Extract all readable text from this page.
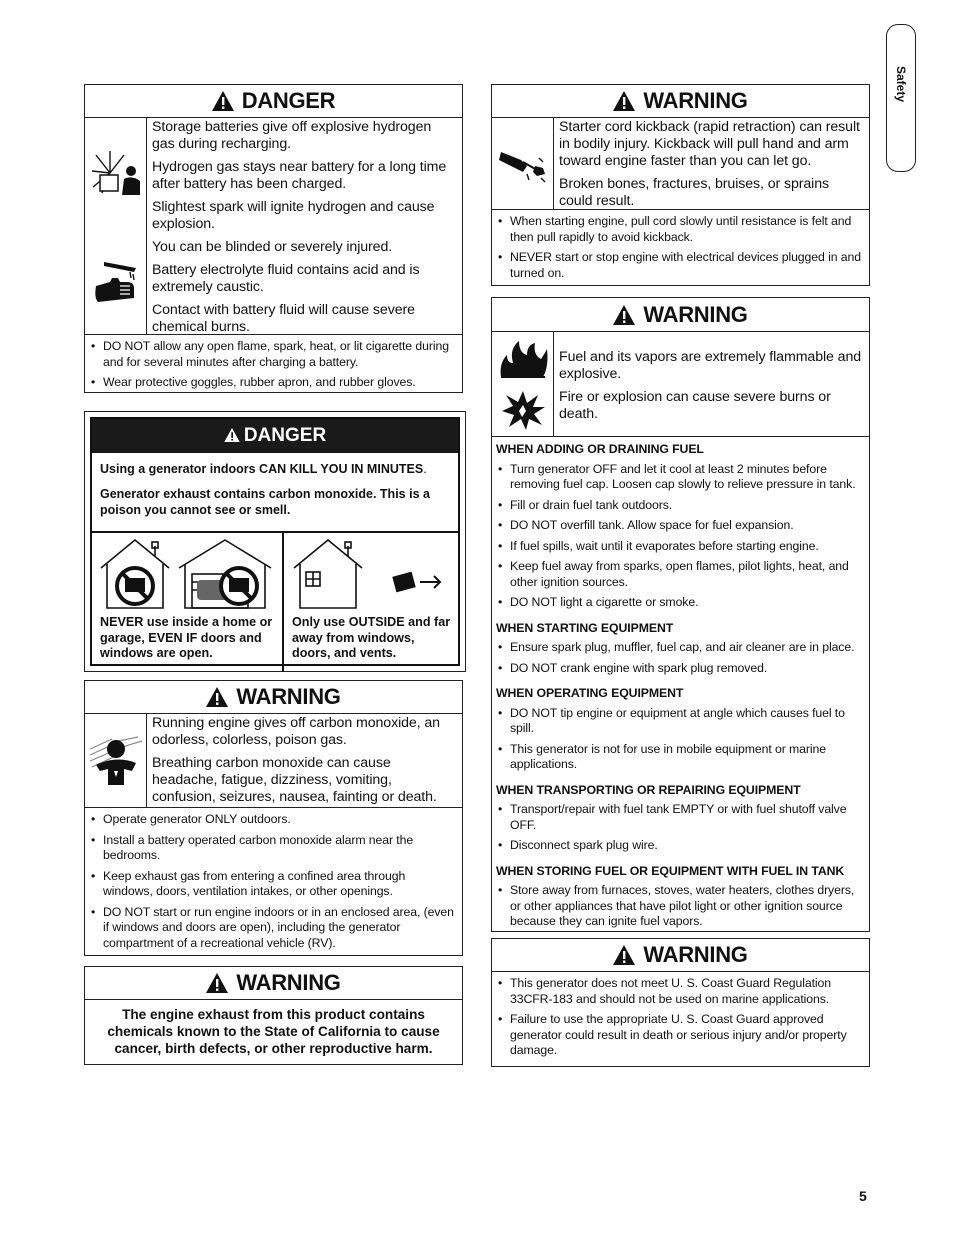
Safety
DANGER

Storage batteries give off explosive hydrogen gas during recharging.

Hydrogen gas stays near battery for a long time after battery has been charged.

Slightest spark will ignite hydrogen and cause explosion.

You can be blinded or severely injured.

Battery electrolyte fluid contains acid and is extremely caustic.

Contact with battery fluid will cause severe chemical burns.

• DO NOT allow any open flame, spark, heat, or lit cigarette during and for several minutes after charging a battery.
• Wear protective goggles, rubber apron, and rubber gloves.
DANGER

Using a generator indoors CAN KILL YOU IN MINUTES.

Generator exhaust contains carbon monoxide. This is a poison you cannot see or smell.

NEVER use inside a home or garage, EVEN IF doors and windows are open.
Only use OUTSIDE and far away from windows, doors, and vents.
WARNING

Running engine gives off carbon monoxide, an odorless, colorless, poison gas.

Breathing carbon monoxide can cause headache, fatigue, dizziness, vomiting, confusion, seizures, nausea, fainting or death.

• Operate generator ONLY outdoors.
• Install a battery operated carbon monoxide alarm near the bedrooms.
• Keep exhaust gas from entering a confined area through windows, doors, ventilation intakes, or other openings.
• DO NOT start or run engine indoors or in an enclosed area, (even if windows and doors are open), including the generator compartment of a recreational vehicle (RV).
WARNING
The engine exhaust from this product contains chemicals known to the State of California to cause cancer, birth defects, or other reproductive harm.
WARNING

Starter cord kickback (rapid retraction) can result in bodily injury. Kickback will pull hand and arm toward engine faster than you can let go.

Broken bones, fractures, bruises, or sprains could result.

• When starting engine, pull cord slowly until resistance is felt and then pull rapidly to avoid kickback.
• NEVER start or stop engine with electrical devices plugged in and turned on.
WARNING

Fuel and its vapors are extremely flammable and explosive.

Fire or explosion can cause severe burns or death.

WHEN ADDING OR DRAINING FUEL
• Turn generator OFF and let it cool at least 2 minutes before removing fuel cap. Loosen cap slowly to relieve pressure in tank.
• Fill or drain fuel tank outdoors.
• DO NOT overfill tank. Allow space for fuel expansion.
• If fuel spills, wait until it evaporates before starting engine.
• Keep fuel away from sparks, open flames, pilot lights, heat, and other ignition sources.
• DO NOT light a cigarette or smoke.
WHEN STARTING EQUIPMENT
• Ensure spark plug, muffler, fuel cap, and air cleaner are in place.
• DO NOT crank engine with spark plug removed.
WHEN OPERATING EQUIPMENT
• DO NOT tip engine or equipment at angle which causes fuel to spill.
• This generator is not for use in mobile equipment or marine applications.
WHEN TRANSPORTING OR REPAIRING EQUIPMENT
• Transport/repair with fuel tank EMPTY or with fuel shutoff valve OFF.
• Disconnect spark plug wire.
WHEN STORING FUEL OR EQUIPMENT WITH FUEL IN TANK
• Store away from furnaces, stoves, water heaters, clothes dryers, or other appliances that have pilot light or other ignition source because they can ignite fuel vapors.
WARNING
• This generator does not meet U. S. Coast Guard Regulation 33CFR-183 and should not be used on marine applications.
• Failure to use the appropriate U. S. Coast Guard approved generator could result in death or serious injury and/or property damage.
5
